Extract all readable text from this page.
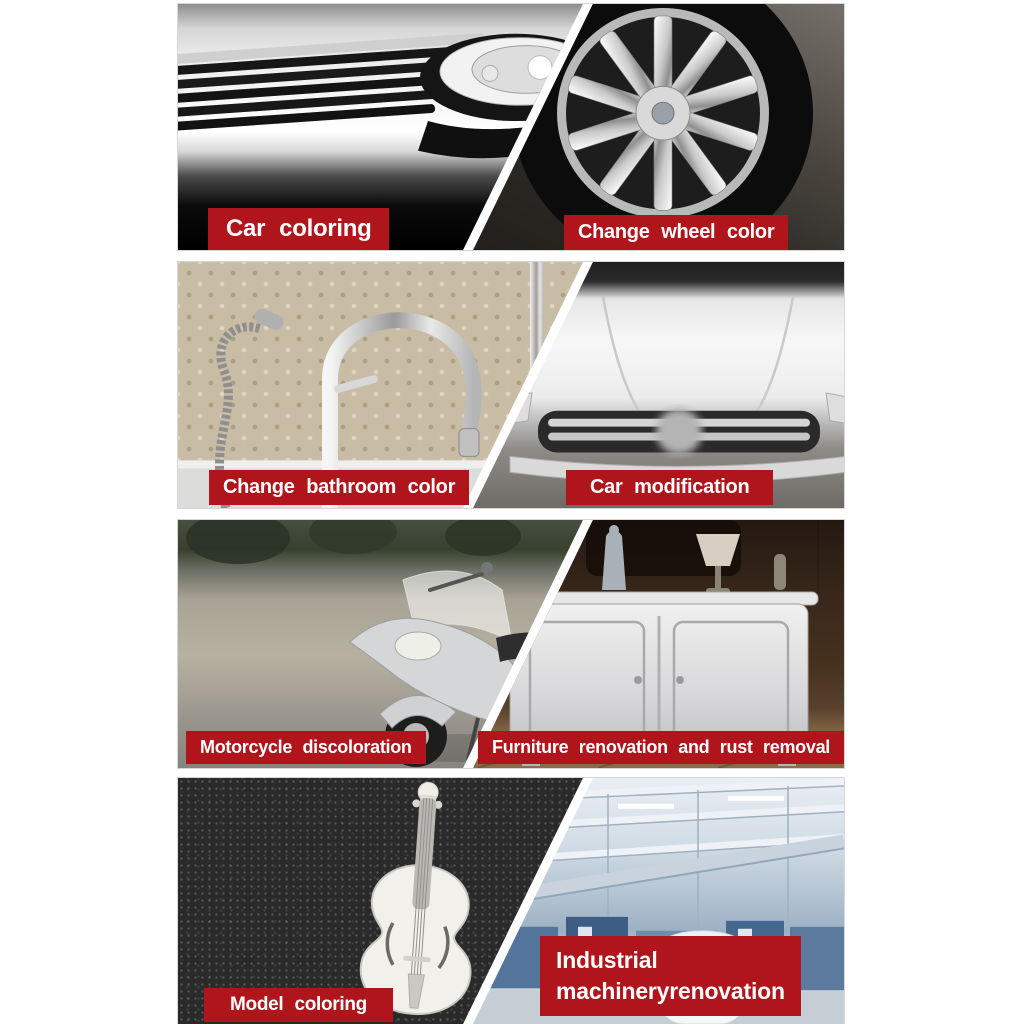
Car coloring	Change wheel color
Change bathroom color	Car modification
Motorcycle discoloration	Furniture renovation and rust removal
Model coloring
Industrial
machineryrenovation
